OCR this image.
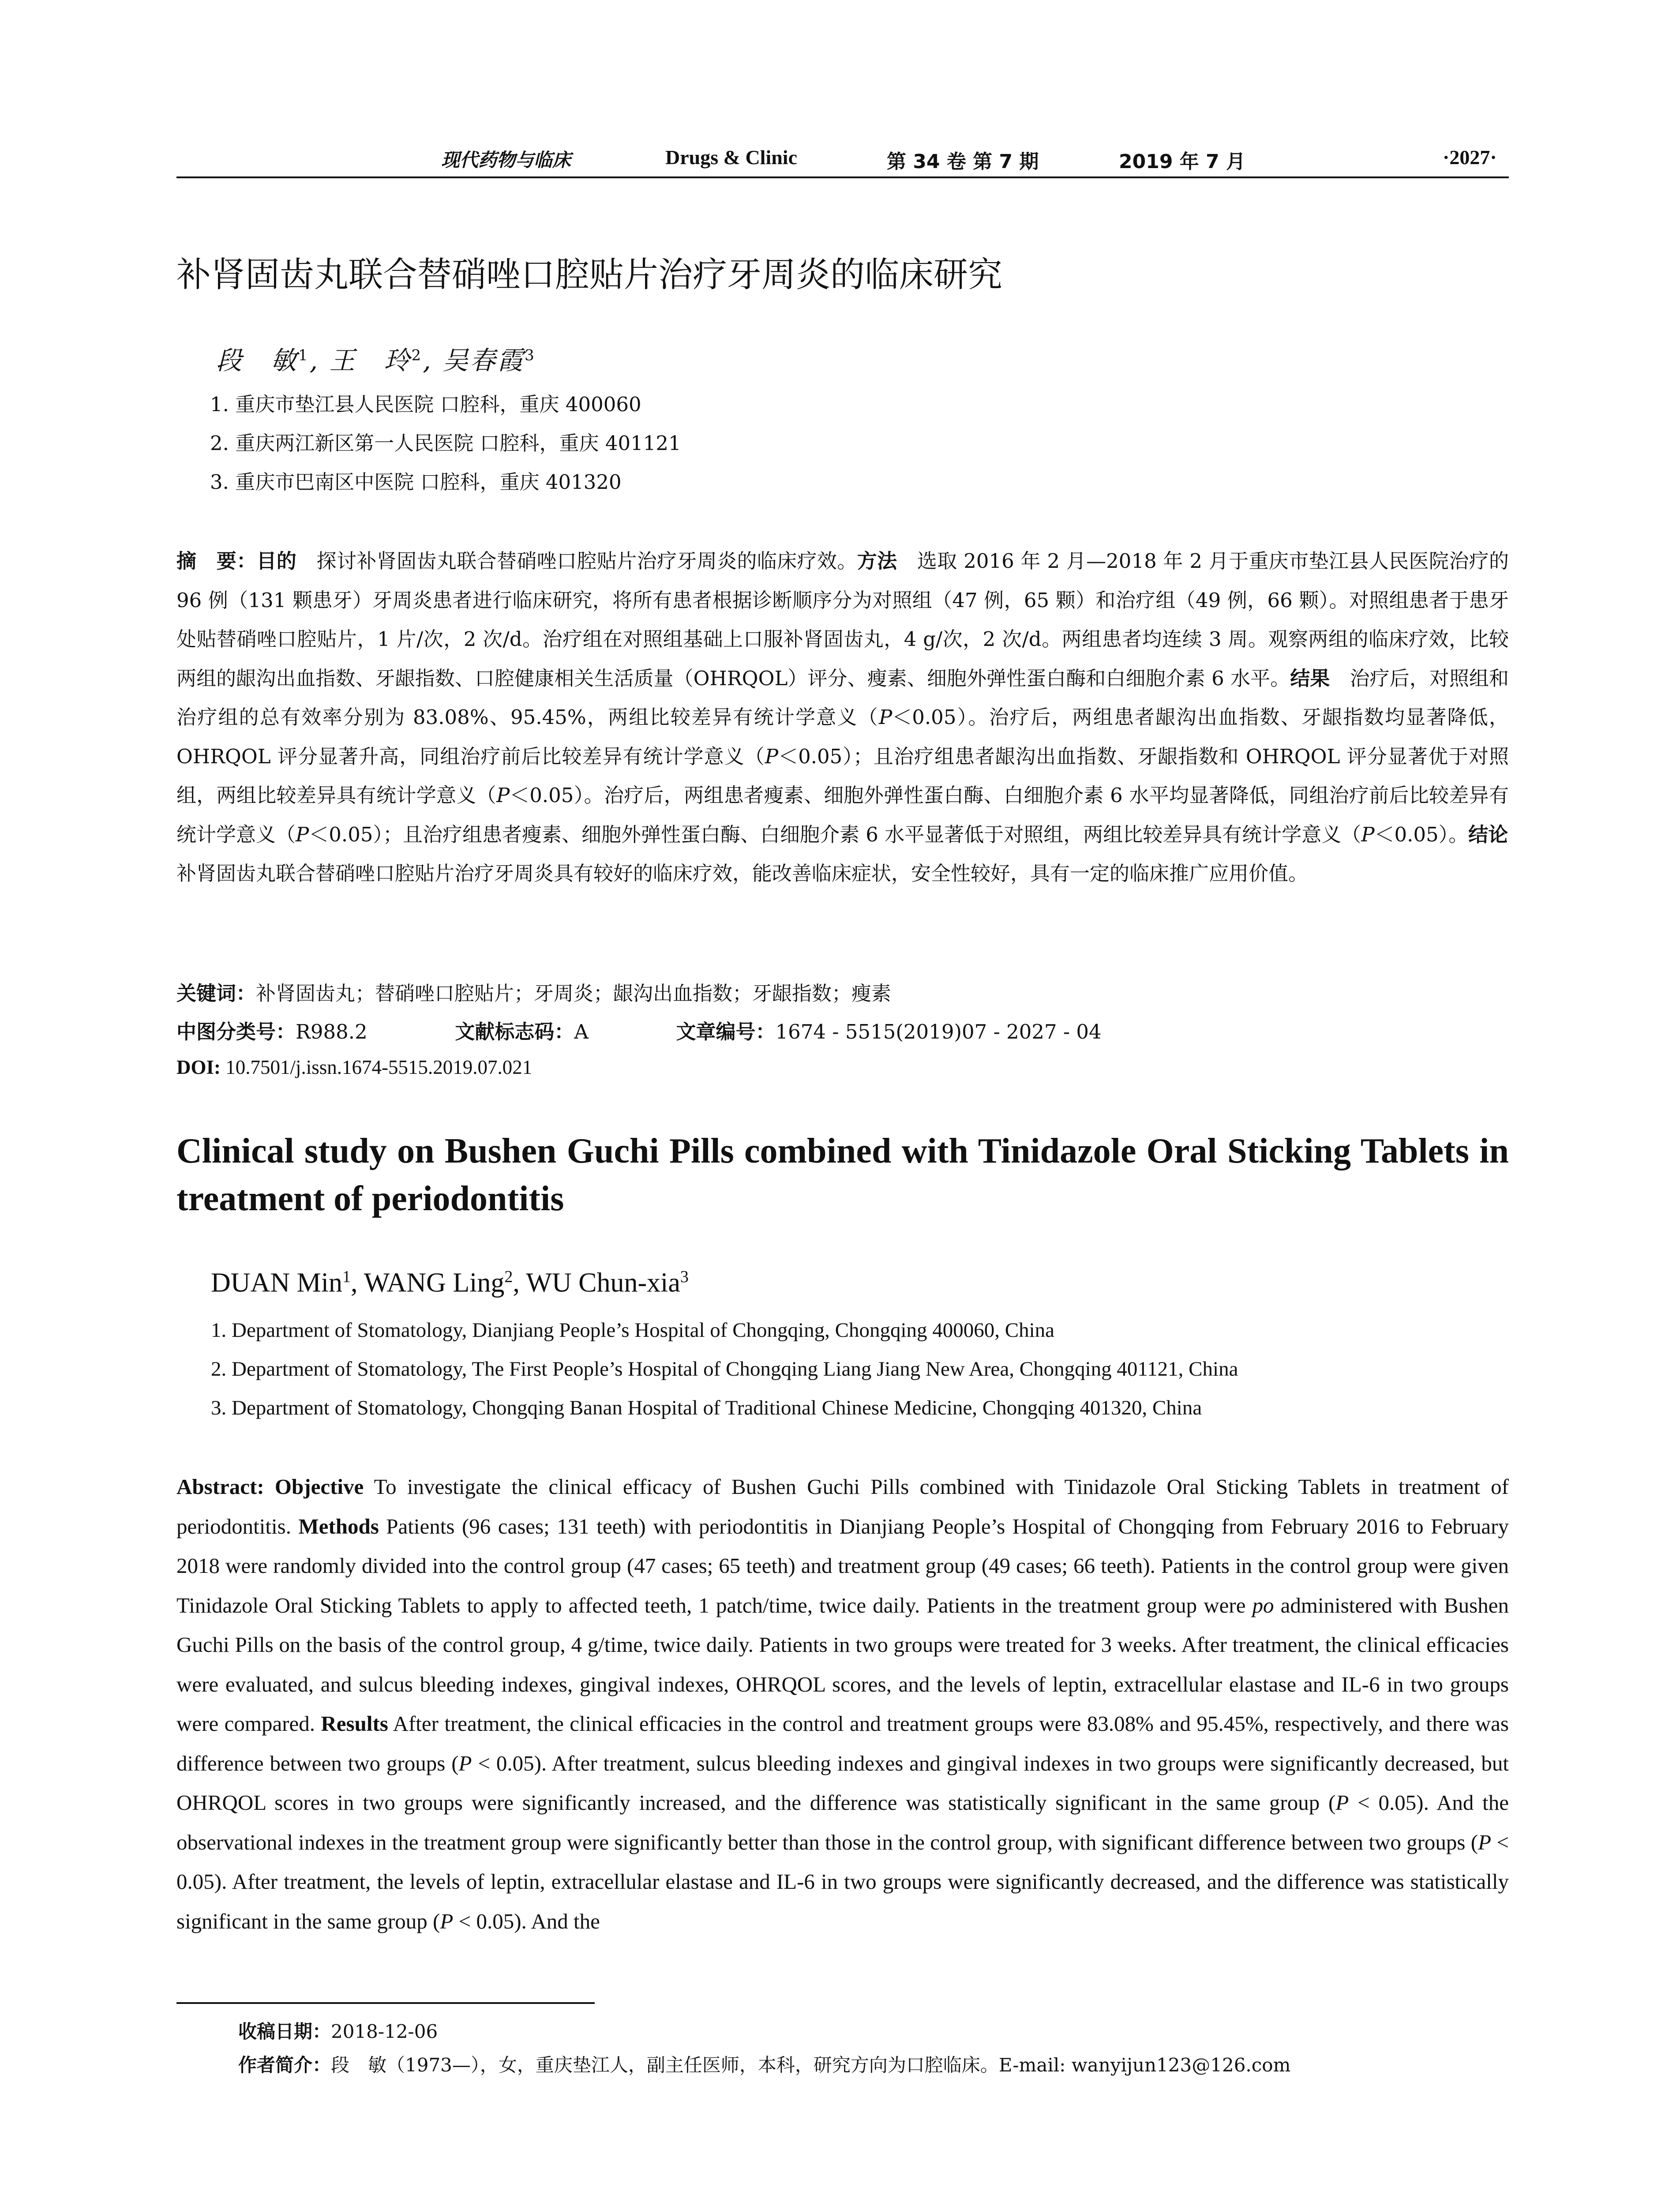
现代药物与临床	Drugs & Clinic	第 34 卷 第 7 期	2019 年 7 月	·2027·
补肾固齿丸联合替硝唑口腔贴片治疗牙周炎的临床研究
段　敏$^1$, 王　玲$^2$, 吴春霞$^3$
1. 重庆市垫江县人民医院 口腔科，重庆 400060
2. 重庆两江新区第一人民医院 口腔科，重庆 401121
3. 重庆市巴南区中医院 口腔科，重庆 401320
摘　要：目的　探讨补肾固齿丸联合替硝唑口腔贴片治疗牙周炎的临床疗效。方法　选取 2016 年 2 月—2018 年 2 月于重庆市垫江县人民医院治疗的 96 例（131 颗患牙）牙周炎患者进行临床研究，将所有患者根据诊断顺序分为对照组（47 例，65 颗）和治疗组（49 例，66 颗）。对照组患者于患牙处贴替硝唑口腔贴片，1 片/次，2 次/d。治疗组在对照组基础上口服补肾固齿丸，4 g/次，2 次/d。两组患者均连续 3 周。观察两组的临床疗效，比较两组的龈沟出血指数、牙龈指数、口腔健康相关生活质量（OHRQOL）评分、瘦素、细胞外弹性蛋白酶和白细胞介素 6 水平。结果　治疗后，对照组和治疗组的总有效率分别为 83.08%、95.45%，两组比较差异有统计学意义（P＜0.05）。治疗后，两组患者龈沟出血指数、牙龈指数均显著降低，OHRQOL 评分显著升高，同组治疗前后比较差异有统计学意义（P＜0.05）；且治疗组患者龈沟出血指数、牙龈指数和 OHRQOL 评分显著优于对照组，两组比较差异具有统计学意义（P＜0.05）。治疗后，两组患者瘦素、细胞外弹性蛋白酶、白细胞介素 6 水平均显著降低，同组治疗前后比较差异有统计学意义（P＜0.05）；且治疗组患者瘦素、细胞外弹性蛋白酶、白细胞介素 6 水平显著低于对照组，两组比较差异具有统计学意义（P＜0.05）。结论　补肾固齿丸联合替硝唑口腔贴片治疗牙周炎具有较好的临床疗效，能改善临床症状，安全性较好，具有一定的临床推广应用价值。
关键词：补肾固齿丸；替硝唑口腔贴片；牙周炎；龈沟出血指数；牙龈指数；瘦素
中图分类号：R988.2	文献标志码：A	文章编号：1674 - 5515(2019)07 - 2027 - 04
DOI: 10.7501/j.issn.1674-5515.2019.07.021
Clinical study on Bushen Guchi Pills combined with Tinidazole Oral Sticking Tablets in treatment of periodontitis
DUAN Min$^1$, WANG Ling$^2$, WU Chun-xia$^3$
1. Department of Stomatology, Dianjiang People’s Hospital of Chongqing, Chongqing 400060, China
2. Department of Stomatology, The First People’s Hospital of Chongqing Liang Jiang New Area, Chongqing 401121, China
3. Department of Stomatology, Chongqing Banan Hospital of Traditional Chinese Medicine, Chongqing 401320, China
Abstract: Objective To investigate the clinical efficacy of Bushen Guchi Pills combined with Tinidazole Oral Sticking Tablets in treatment of periodontitis. Methods Patients (96 cases; 131 teeth) with periodontitis in Dianjiang People’s Hospital of Chongqing from February 2016 to February 2018 were randomly divided into the control group (47 cases; 65 teeth) and treatment group (49 cases; 66 teeth). Patients in the control group were given Tinidazole Oral Sticking Tablets to apply to affected teeth, 1 patch/time, twice daily. Patients in the treatment group were po administered with Bushen Guchi Pills on the basis of the control group, 4 g/time, twice daily. Patients in two groups were treated for 3 weeks. After treatment, the clinical efficacies were evaluated, and sulcus bleeding indexes, gingival indexes, OHRQOL scores, and the levels of leptin, extracellular elastase and IL-6 in two groups were compared. Results After treatment, the clinical efficacies in the control and treatment groups were 83.08% and 95.45%, respectively, and there was difference between two groups (P < 0.05). After treatment, sulcus bleeding indexes and gingival indexes in two groups were significantly decreased, but OHRQOL scores in two groups were significantly increased, and the difference was statistically significant in the same group (P < 0.05). And the observational indexes in the treatment group were significantly better than those in the control group, with significant difference between two groups (P < 0.05). After treatment, the levels of leptin, extracellular elastase and IL-6 in two groups were significantly decreased, and the difference was statistically significant in the same group (P < 0.05). And the
收稿日期：2018-12-06
作者简介：段　敏（1973—），女，重庆垫江人，副主任医师，本科，研究方向为口腔临床。E-mail: wanyijun123@126.com
